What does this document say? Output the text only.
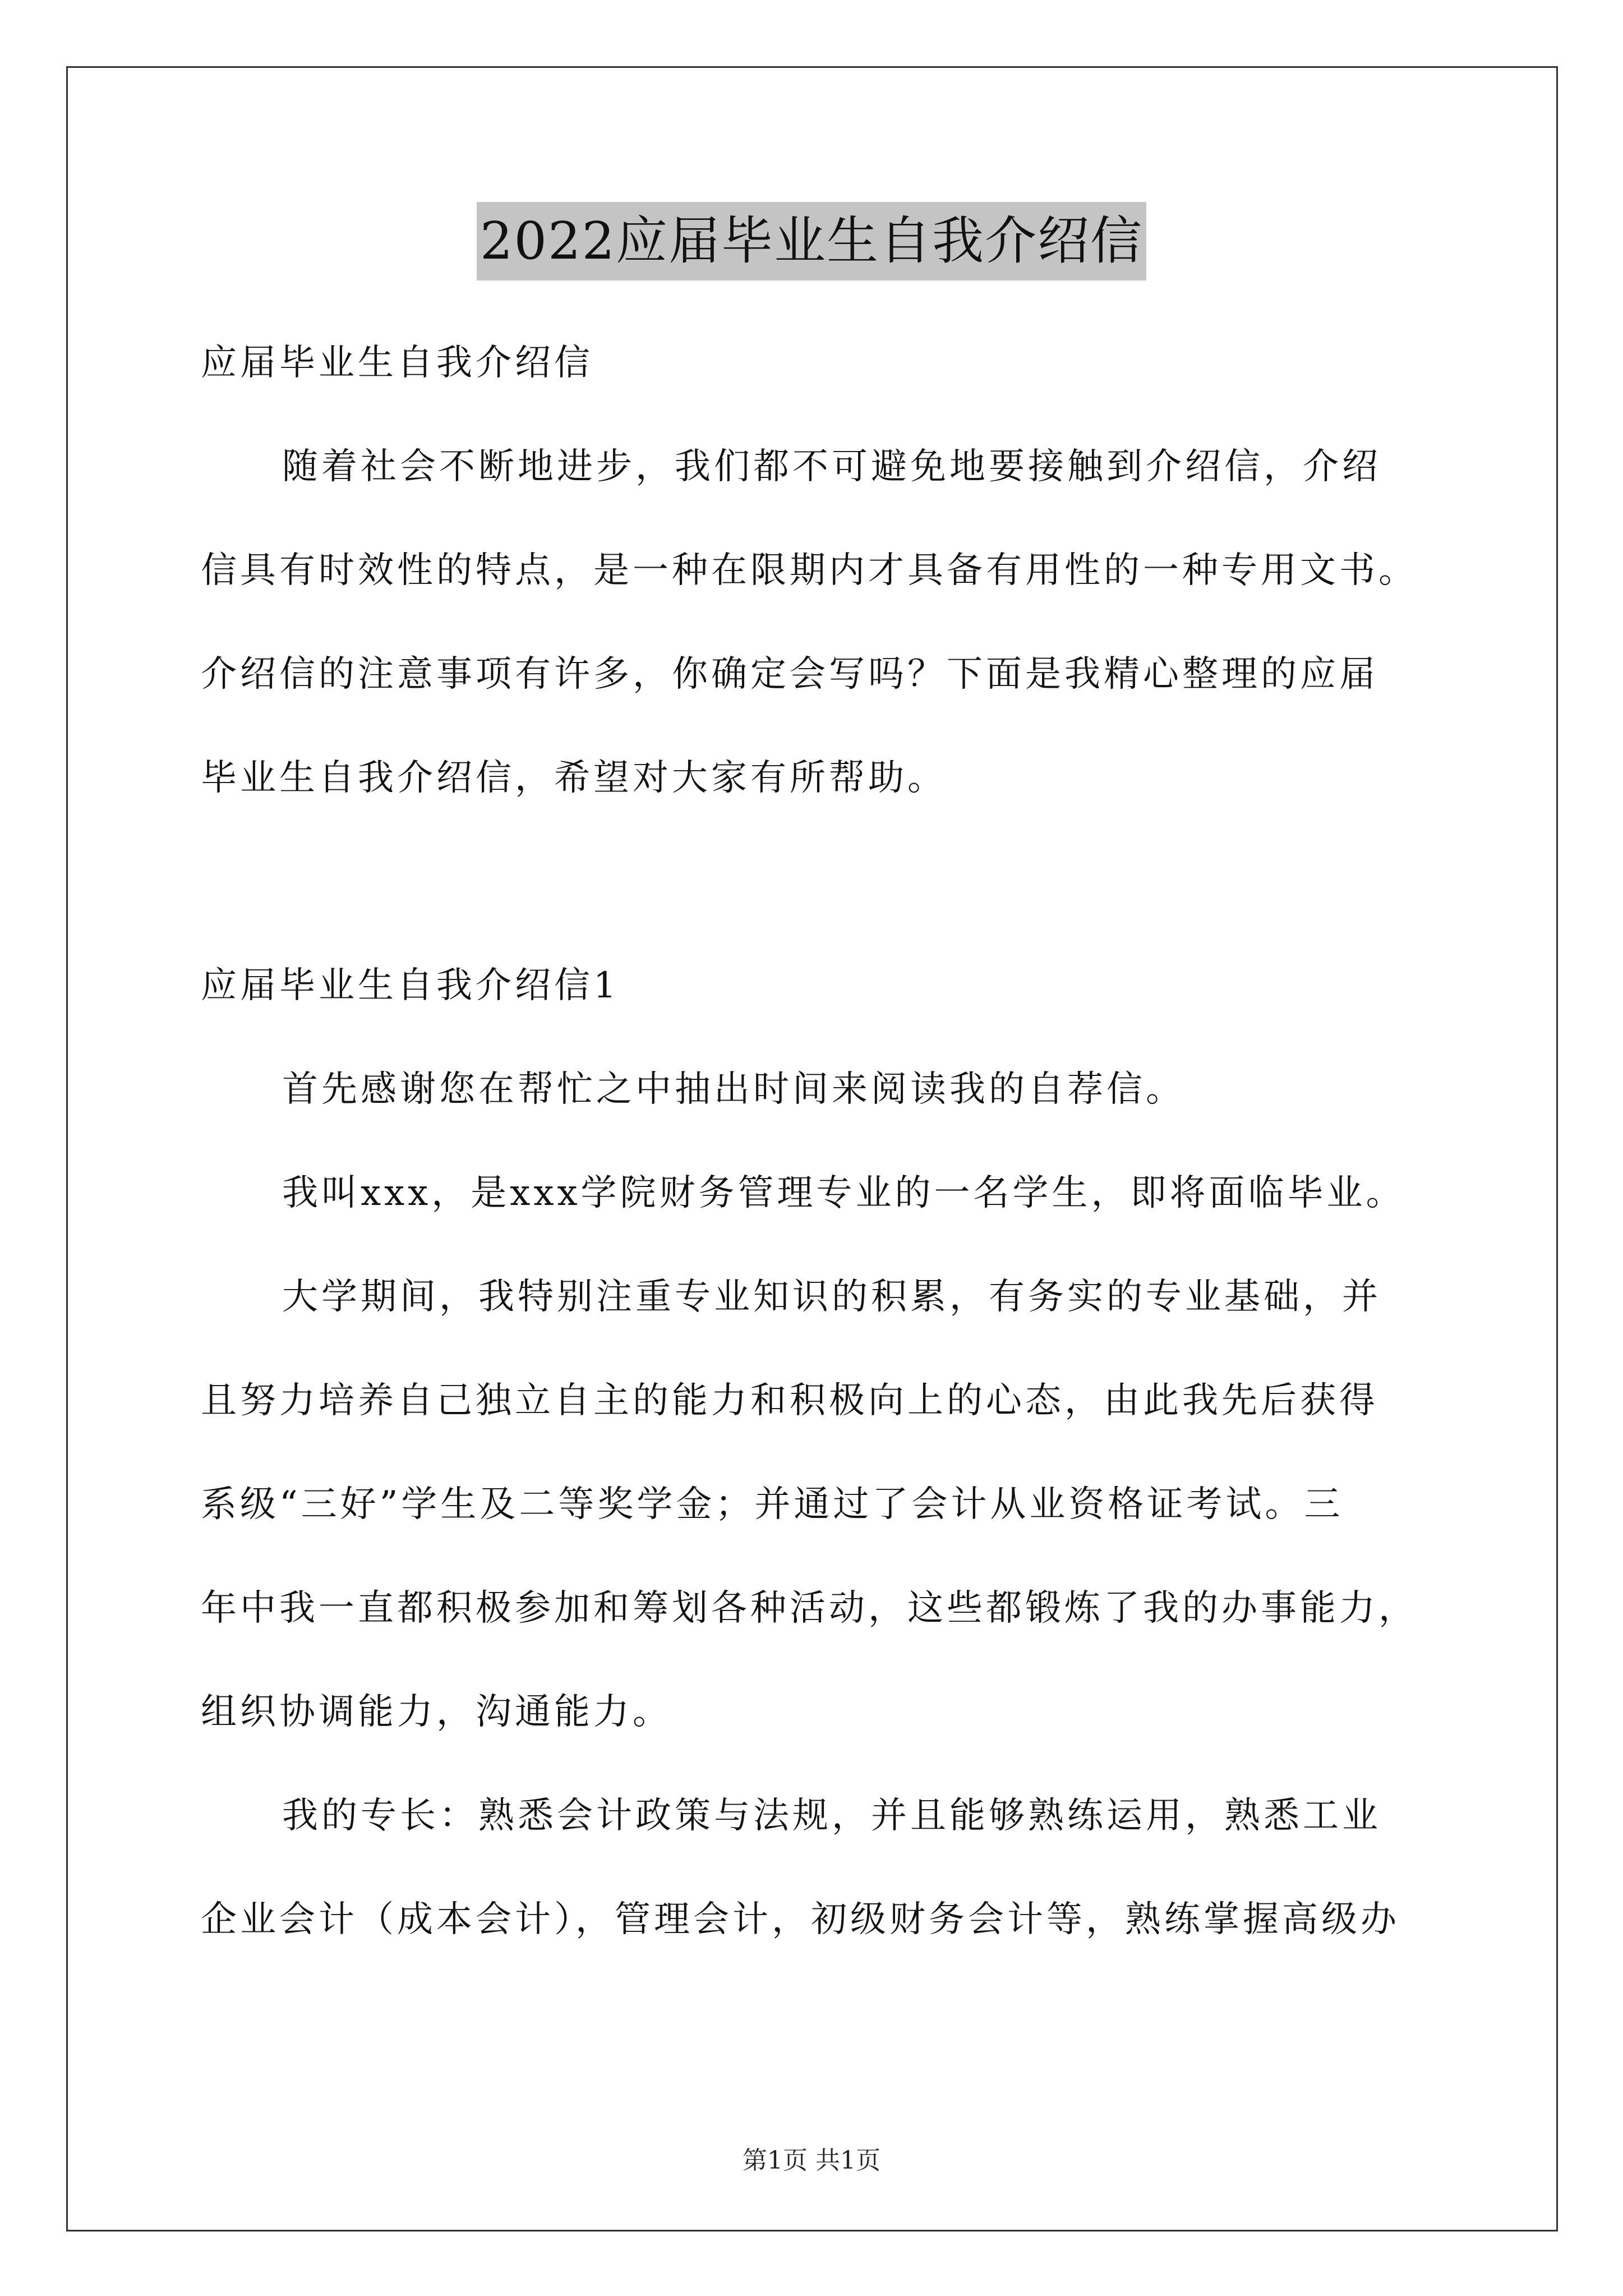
2022应届毕业生自我介绍信
应届毕业生自我介绍信
随着社会不断地进步，我们都不可避免地要接触到介绍信，介绍
信具有时效性的特点，是一种在限期内才具备有用性的一种专用文书。
介绍信的注意事项有许多，你确定会写吗？下面是我精心整理的应届
毕业生自我介绍信，希望对大家有所帮助。
应届毕业生自我介绍信1
首先感谢您在帮忙之中抽出时间来阅读我的自荐信。
我叫xxx，是xxx学院财务管理专业的一名学生，即将面临毕业。
大学期间，我特别注重专业知识的积累，有务实的专业基础，并
且努力培养自己独立自主的能力和积极向上的心态，由此我先后获得
系级“三好”学生及二等奖学金；并通过了会计从业资格证考试。三
年中我一直都积极参加和筹划各种活动，这些都锻炼了我的办事能力，
组织协调能力，沟通能力。
我的专长：熟悉会计政策与法规，并且能够熟练运用，熟悉工业
企业会计（成本会计），管理会计，初级财务会计等，熟练掌握高级办
第1页 共1页
